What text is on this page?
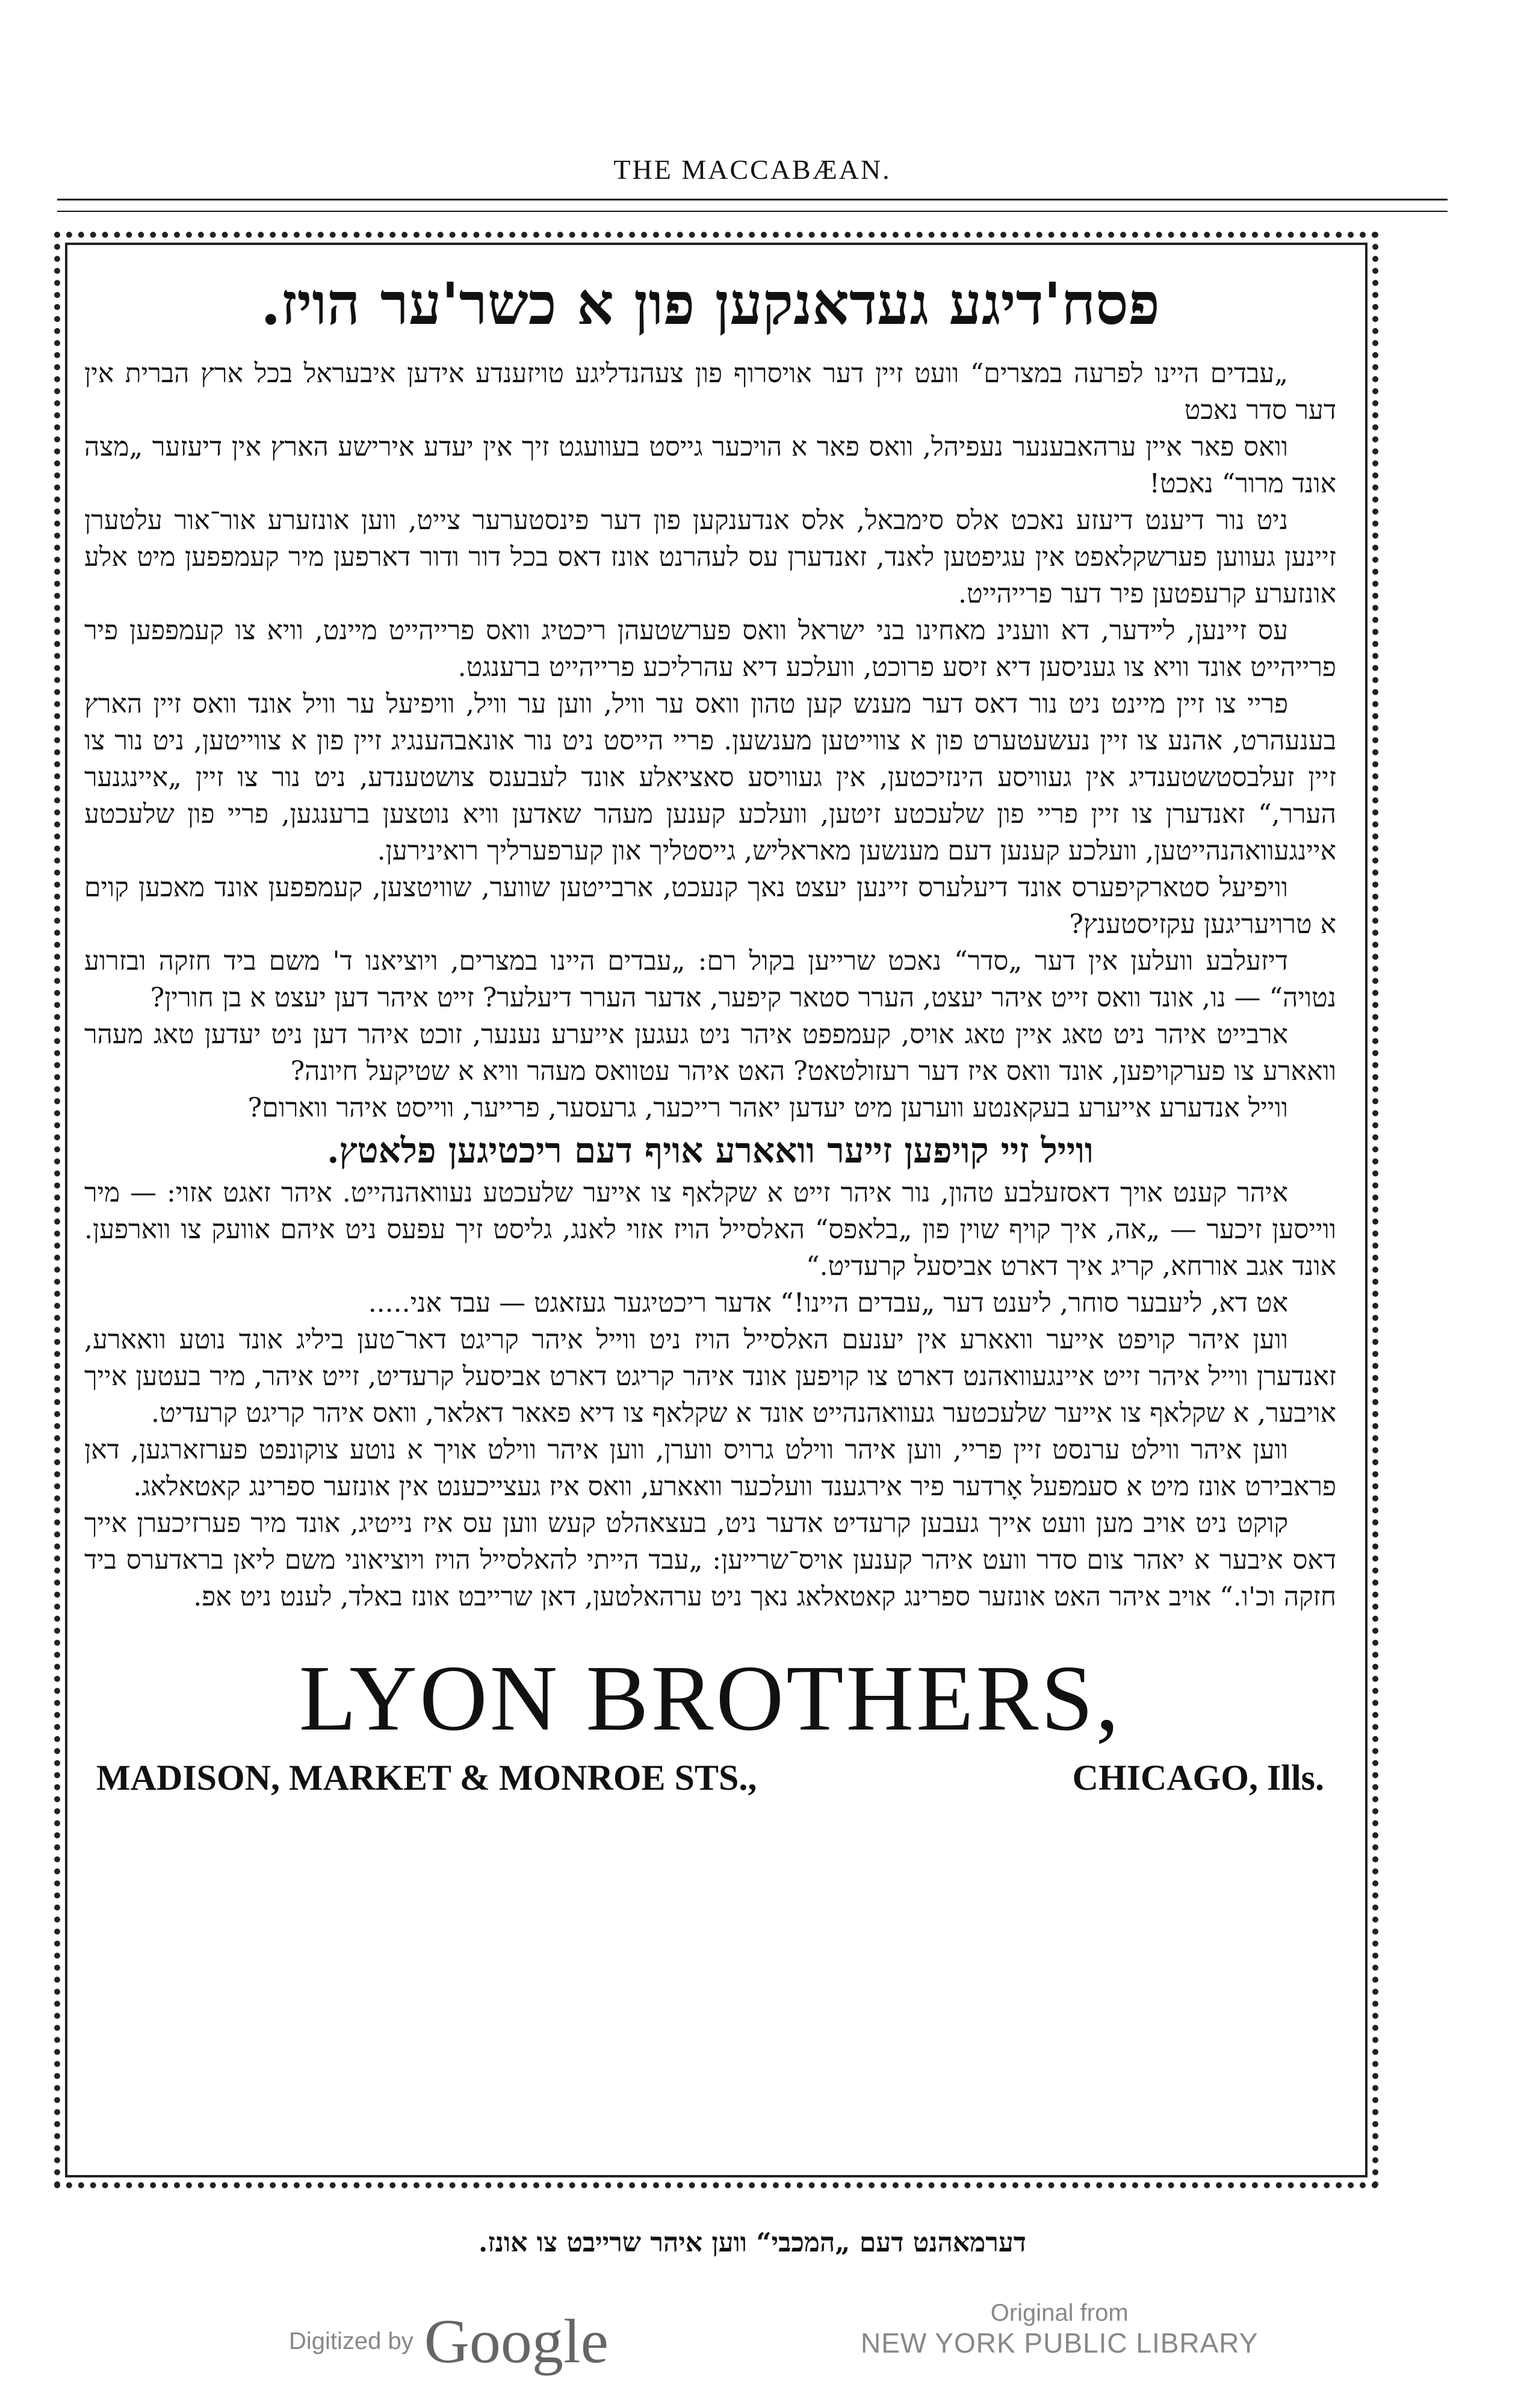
THE MACCABÆAN.
פסח'דיגע געדאנקען פון א כשר'ער הויז.

„עבדים היינו לפרעה במצרים“ וועט זיין דער אויסרוף פון צעהנדליגע טויזענדע אידען איבעראל בכל ארץ הברית אין דער סדר נאכט

וואס פאר איין ערהאבענער נעפיהל, וואס פאר א הויכער גייסט בעוועגט זיך אין יעדע אירישע הארץ אין דיעזער „מצה אונד מרור“ נאכט!

ניט נור דיענט דיעזע נאכט אלס סימבאל, אלס אנדענקען פון דער פינסטערער צייט, ווען אונזערע אור־אור עלטערן זיינען געווען פערשקלאפט אין עגיפטען לאנד, זאנדערן עס לעהרנט אונז דאס בכל דור ודור דארפען מיר קעמפפען מיט אלע אונזערע קרעפטען פיר דער פרייהייט.

עס זיינען, לײדער, דא ווענינ מאחינו בני ישראל וואס פערשטעהן ריכטיג וואס פרייהייט מיינט, וויא צו קעמפפען פיר פרייהייט אונד וויא צו געניסען דיא זיסע פרוכט, וועלכע דיא עהרליכע פרייהייט ברענגט.

פריי צו זיין מיינט ניט נור דאס דער מענש קען טהון וואס ער וויל, ווען ער וויל, וויפיעל ער וויל אונד וואס זיין הארץ בענעהרט, אהנע צו זיין נעשעטערט פון א צווייטען מענשען. פריי הייסט ניט נור אונאבהענגיג זיין פון א צווייטען, ניט נור צו זיין זעלבסטשטענדיג אין געוויסע הינזיכטען, אין געוויסע סאציאלע אונד לעבענס צושטענדע, ניט נור צו זיין „איינגנער הערר,“ זאנדערן צו זיין פריי פון שלעכטע זיטען, וועלכע קענען מעהר שאדען וויא נוטצען ברענגען, פריי פון שלעכטע איינגעוואהנהייטען, וועלכע קענען דעם מענשען מאראליש, גייסטליך און קערפערליך רואינירען.

וויפיעל סטארקיפערס אונד דיעלערס זיינען יעצט נאך קנעכט, ארבייטען שווער, שוויטצען, קעמפפען אונד מאכען קוים א טרויעריגען עקזיסטענץ?

דיזעלבע וועלען אין דער „סדר“ נאכט שרייען בקול רם: „עבדים היינו במצרים, ויוציאנו ד' משם ביד חזקה ובזרוע נטויה“ — נו, אונד וואס זייט איהר יעצט, הערר סטאר קיפער, אדער הערר דיעלער? זייט איהר דען יעצט א בן חורין?

ארבייט איהר ניט טאג איין טאג אויס, קעמפפט איהר ניט געגען אייערע נענער, זוכט איהר דען ניט יעדען טאג מעהר וואארע צו פערקויפען, אונד וואס איז דער רעזולטאט? האט איהר עטוואס מעהר וויא א שטיקעל חיונה?

ווייל אנדערע אייערע בעקאנטע ווערען מיט יעדען יאהר רייכער, גרעסער, פרייער, ווייסט איהר ווארום?

ווייל זיי קויפען זייער וואארע אויף דעם ריכטיגען פלאטץ.

איהר קענט אויך דאסזעלבע טהון, נור איהר זייט א שקלאף צו אייער שלעכטע נעוואהנהייט. איהר זאגט אזוי: — מיר ווייסען זיכער — „אה, איך קויף שוין פון „בלאפס“ האלסייל הויז אזוי לאנג, גליסט זיך עפעס ניט איהם אוועק צו ווארפען. אונד אגב אורחא, קריג איך דארט אביסעל קרעדיט.“

אט דא, ליעבער סוחר, ליענט דער „עבדים היינו!“ אדער ריכטיגער געזאגט — עבד אני.....

ווען איהר קויפט אייער וואארע אין יענעם האלסייל הויז ניט ווייל איהר קריגט דאר־טען ביליג אונד נוטע וואארע, זאנדערן ווייל איהר זייט איינגעוואהנט דארט צו קויפען אונד איהר קריגט דארט אביסעל קרעדיט, זייט איהר, מיר בעטען אייך אויבער, א שקלאף צו אייער שלעכטער געוואהנהייט אונד א שקלאף צו דיא פאאר דאלאר, וואס איהר קריגט קרעדיט.

ווען איהר ווילט ערנסט זיין פריי, ווען איהר ווילט גרויס ווערן, ווען איהר ווילט אויך א נוטע צוקונפט פערזארגען, דאן פראבירט אונז מיט א סעמפעל אָרדער פיר אירגענד וועלכער וואארע, וואס איז געצייכענט אין אונזער ספרינג קאטאלאג.

קוקט ניט אויב מען וועט אייך געבען קרעדיט אדער ניט, בעצאהלט קעש ווען עס איז נייטיג, אונד מיר פערזיכערן אייך דאס איבער א יאהר צום סדר וועט איהר קענען אויס־שרייען: „עבד הייתי להאלסייל הויז ויוציאוני משם ליאן בראדערס ביד חזקה וכ'ו.“ אויב איהר האט אונזער ספרינג קאטאלאג נאך ניט ערהאלטען, דאן שרייבט אונז באלד, לענט ניט אפ.

LYON BROTHERS,
MADISON, MARKET & MONROE STS.,	CHICAGO, Ills.
דערמאהנט דעם „המכבי“ ווען איהר שרייבט צו אונז.
Digitized by Google	Original from
NEW YORK PUBLIC LIBRARY
